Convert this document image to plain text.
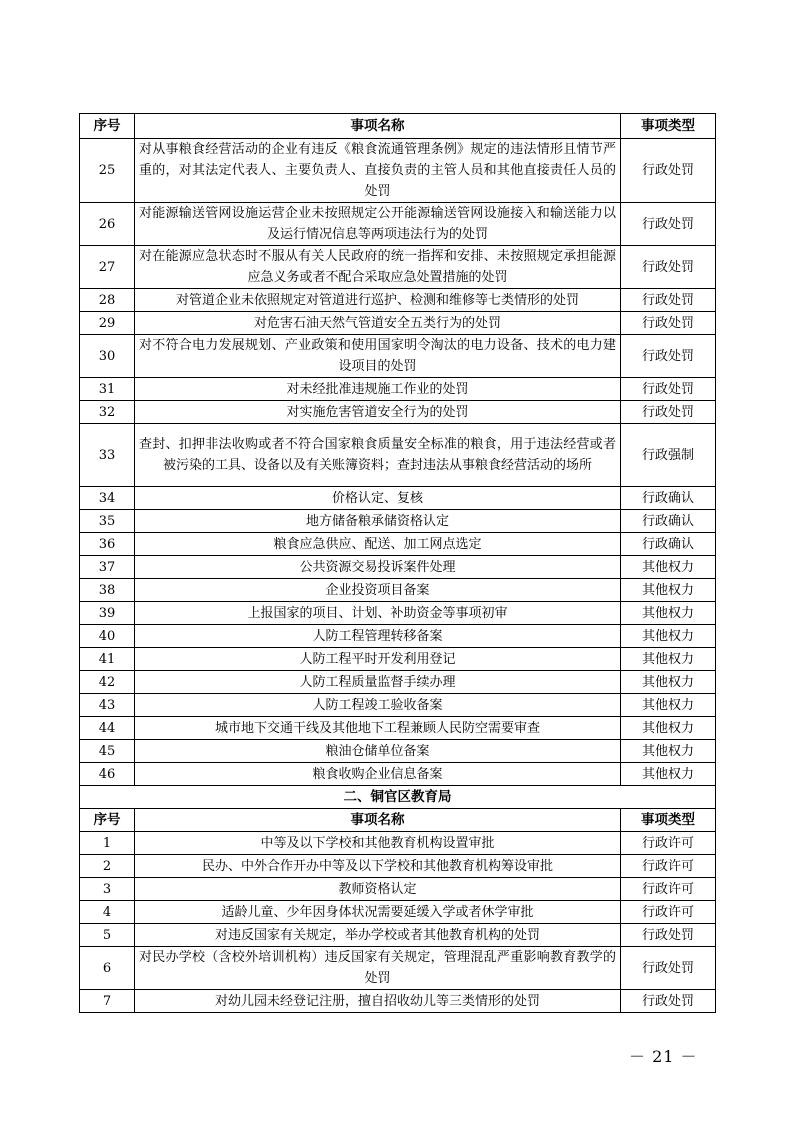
序号	事项名称	事项类型
25	对从事粮食经营活动的企业有违反《粮食流通管理条例》规定的违法情形且情节严重的，对其法定代表人、主要负责人、直接负责的主管人员和其他直接责任人员的处罚	行政处罚
26	对能源输送管网设施运营企业未按照规定公开能源输送管网设施接入和输送能力以及运行情况信息等两项违法行为的处罚	行政处罚
27	对在能源应急状态时不服从有关人民政府的统一指挥和安排、未按照规定承担能源应急义务或者不配合采取应急处置措施的处罚	行政处罚
28	对管道企业未依照规定对管道进行巡护、检测和维修等七类情形的处罚	行政处罚
29	对危害石油天然气管道安全五类行为的处罚	行政处罚
30	对不符合电力发展规划、产业政策和使用国家明令淘汰的电力设备、技术的电力建设项目的处罚	行政处罚
31	对未经批准违规施工作业的处罚	行政处罚
32	对实施危害管道安全行为的处罚	行政处罚
33	查封、扣押非法收购或者不符合国家粮食质量安全标准的粮食，用于违法经营或者被污染的工具、设备以及有关账簿资料；查封违法从事粮食经营活动的场所	行政强制
34	价格认定、复核	行政确认
35	地方储备粮承储资格认定	行政确认
36	粮食应急供应、配送、加工网点选定	行政确认
37	公共资源交易投诉案件处理	其他权力
38	企业投资项目备案	其他权力
39	上报国家的项目、计划、补助资金等事项初审	其他权力
40	人防工程管理转移备案	其他权力
41	人防工程平时开发利用登记	其他权力
42	人防工程质量监督手续办理	其他权力
43	人防工程竣工验收备案	其他权力
44	城市地下交通干线及其他地下工程兼顾人民防空需要审查	其他权力
45	粮油仓储单位备案	其他权力
46	粮食收购企业信息备案	其他权力
二、铜官区教育局		
序号	事项名称	事项类型
1	中等及以下学校和其他教育机构设置审批	行政许可
2	民办、中外合作开办中等及以下学校和其他教育机构筹设审批	行政许可
3	教师资格认定	行政许可
4	适龄儿童、少年因身体状况需要延缓入学或者休学审批	行政许可
5	对违反国家有关规定，举办学校或者其他教育机构的处罚	行政处罚
6	对民办学校（含校外培训机构）违反国家有关规定，管理混乱严重影响教育教学的处罚	行政处罚
7	对幼儿园未经登记注册，擅自招收幼儿等三类情形的处罚	行政处罚
－ 21 －
